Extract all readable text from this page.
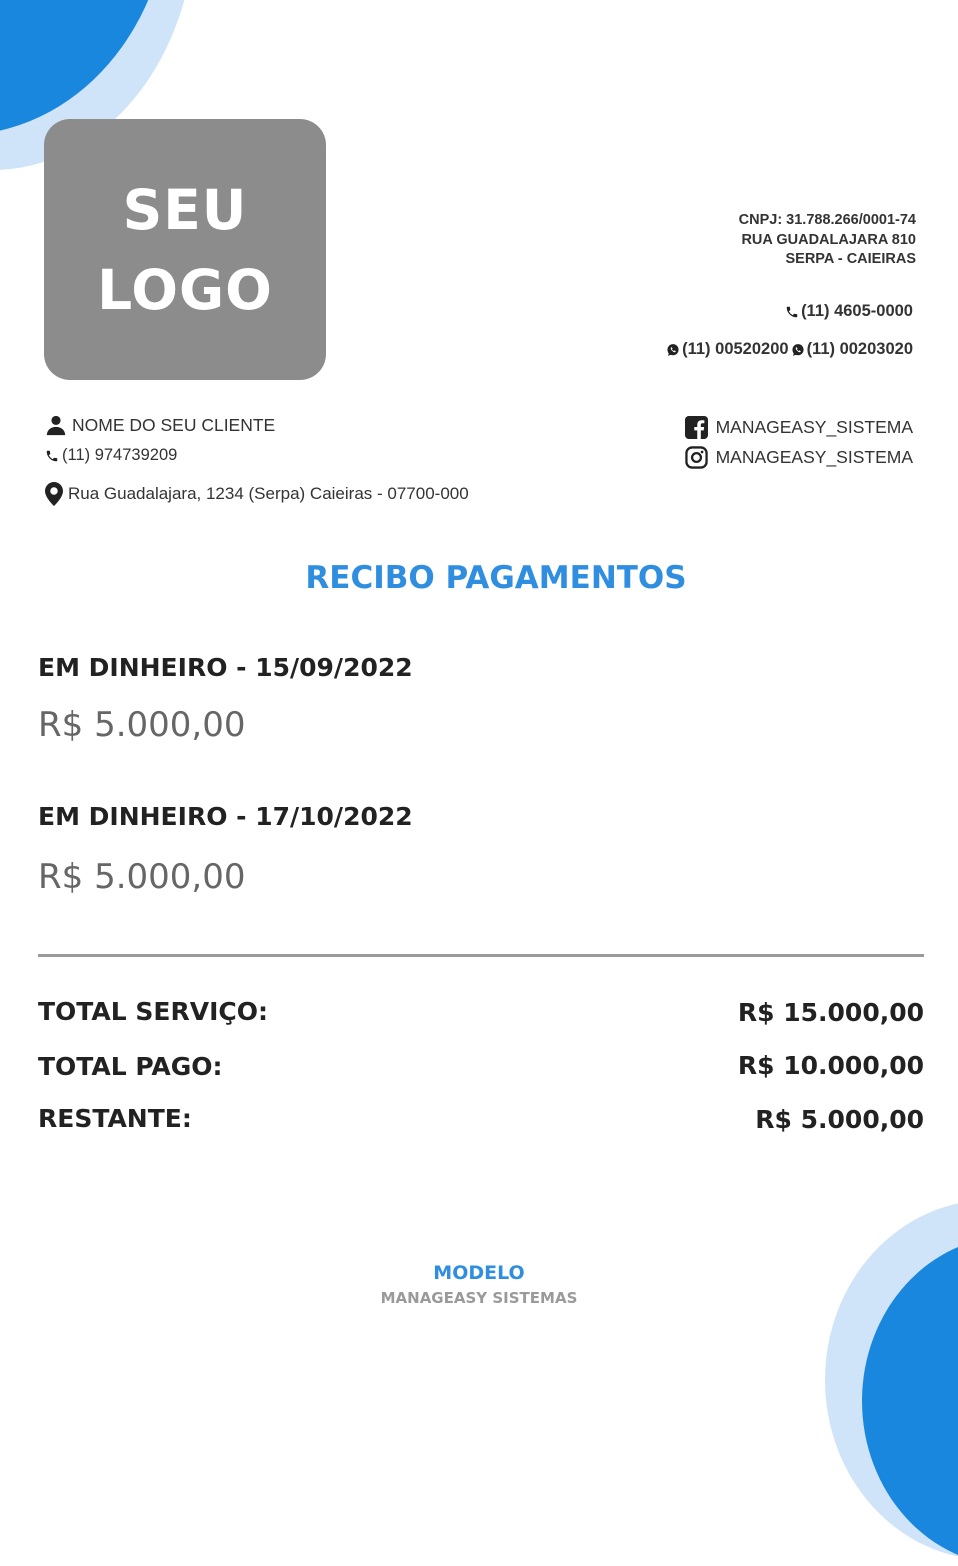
SEU
LOGO
CNPJ: 31.788.266/0001-74
RUA GUADALAJARA 810
SERPA - CAIEIRAS
(11) 4605-0000
(11) 00520200 (11) 00203020
NOME DO SEU CLIENTE
(11) 974739209
Rua Guadalajara, 1234 (Serpa) Caieiras - 07700-000
MANAGEASY_SISTEMA
MANAGEASY_SISTEMA
RECIBO PAGAMENTOS
EM DINHEIRO - 15/09/2022
R$ 5.000,00
EM DINHEIRO - 17/10/2022
R$ 5.000,00
TOTAL SERVIÇO:	R$ 15.000,00
TOTAL PAGO:	R$ 10.000,00
RESTANTE:	R$ 5.000,00
MODELO
MANAGEASY SISTEMAS
